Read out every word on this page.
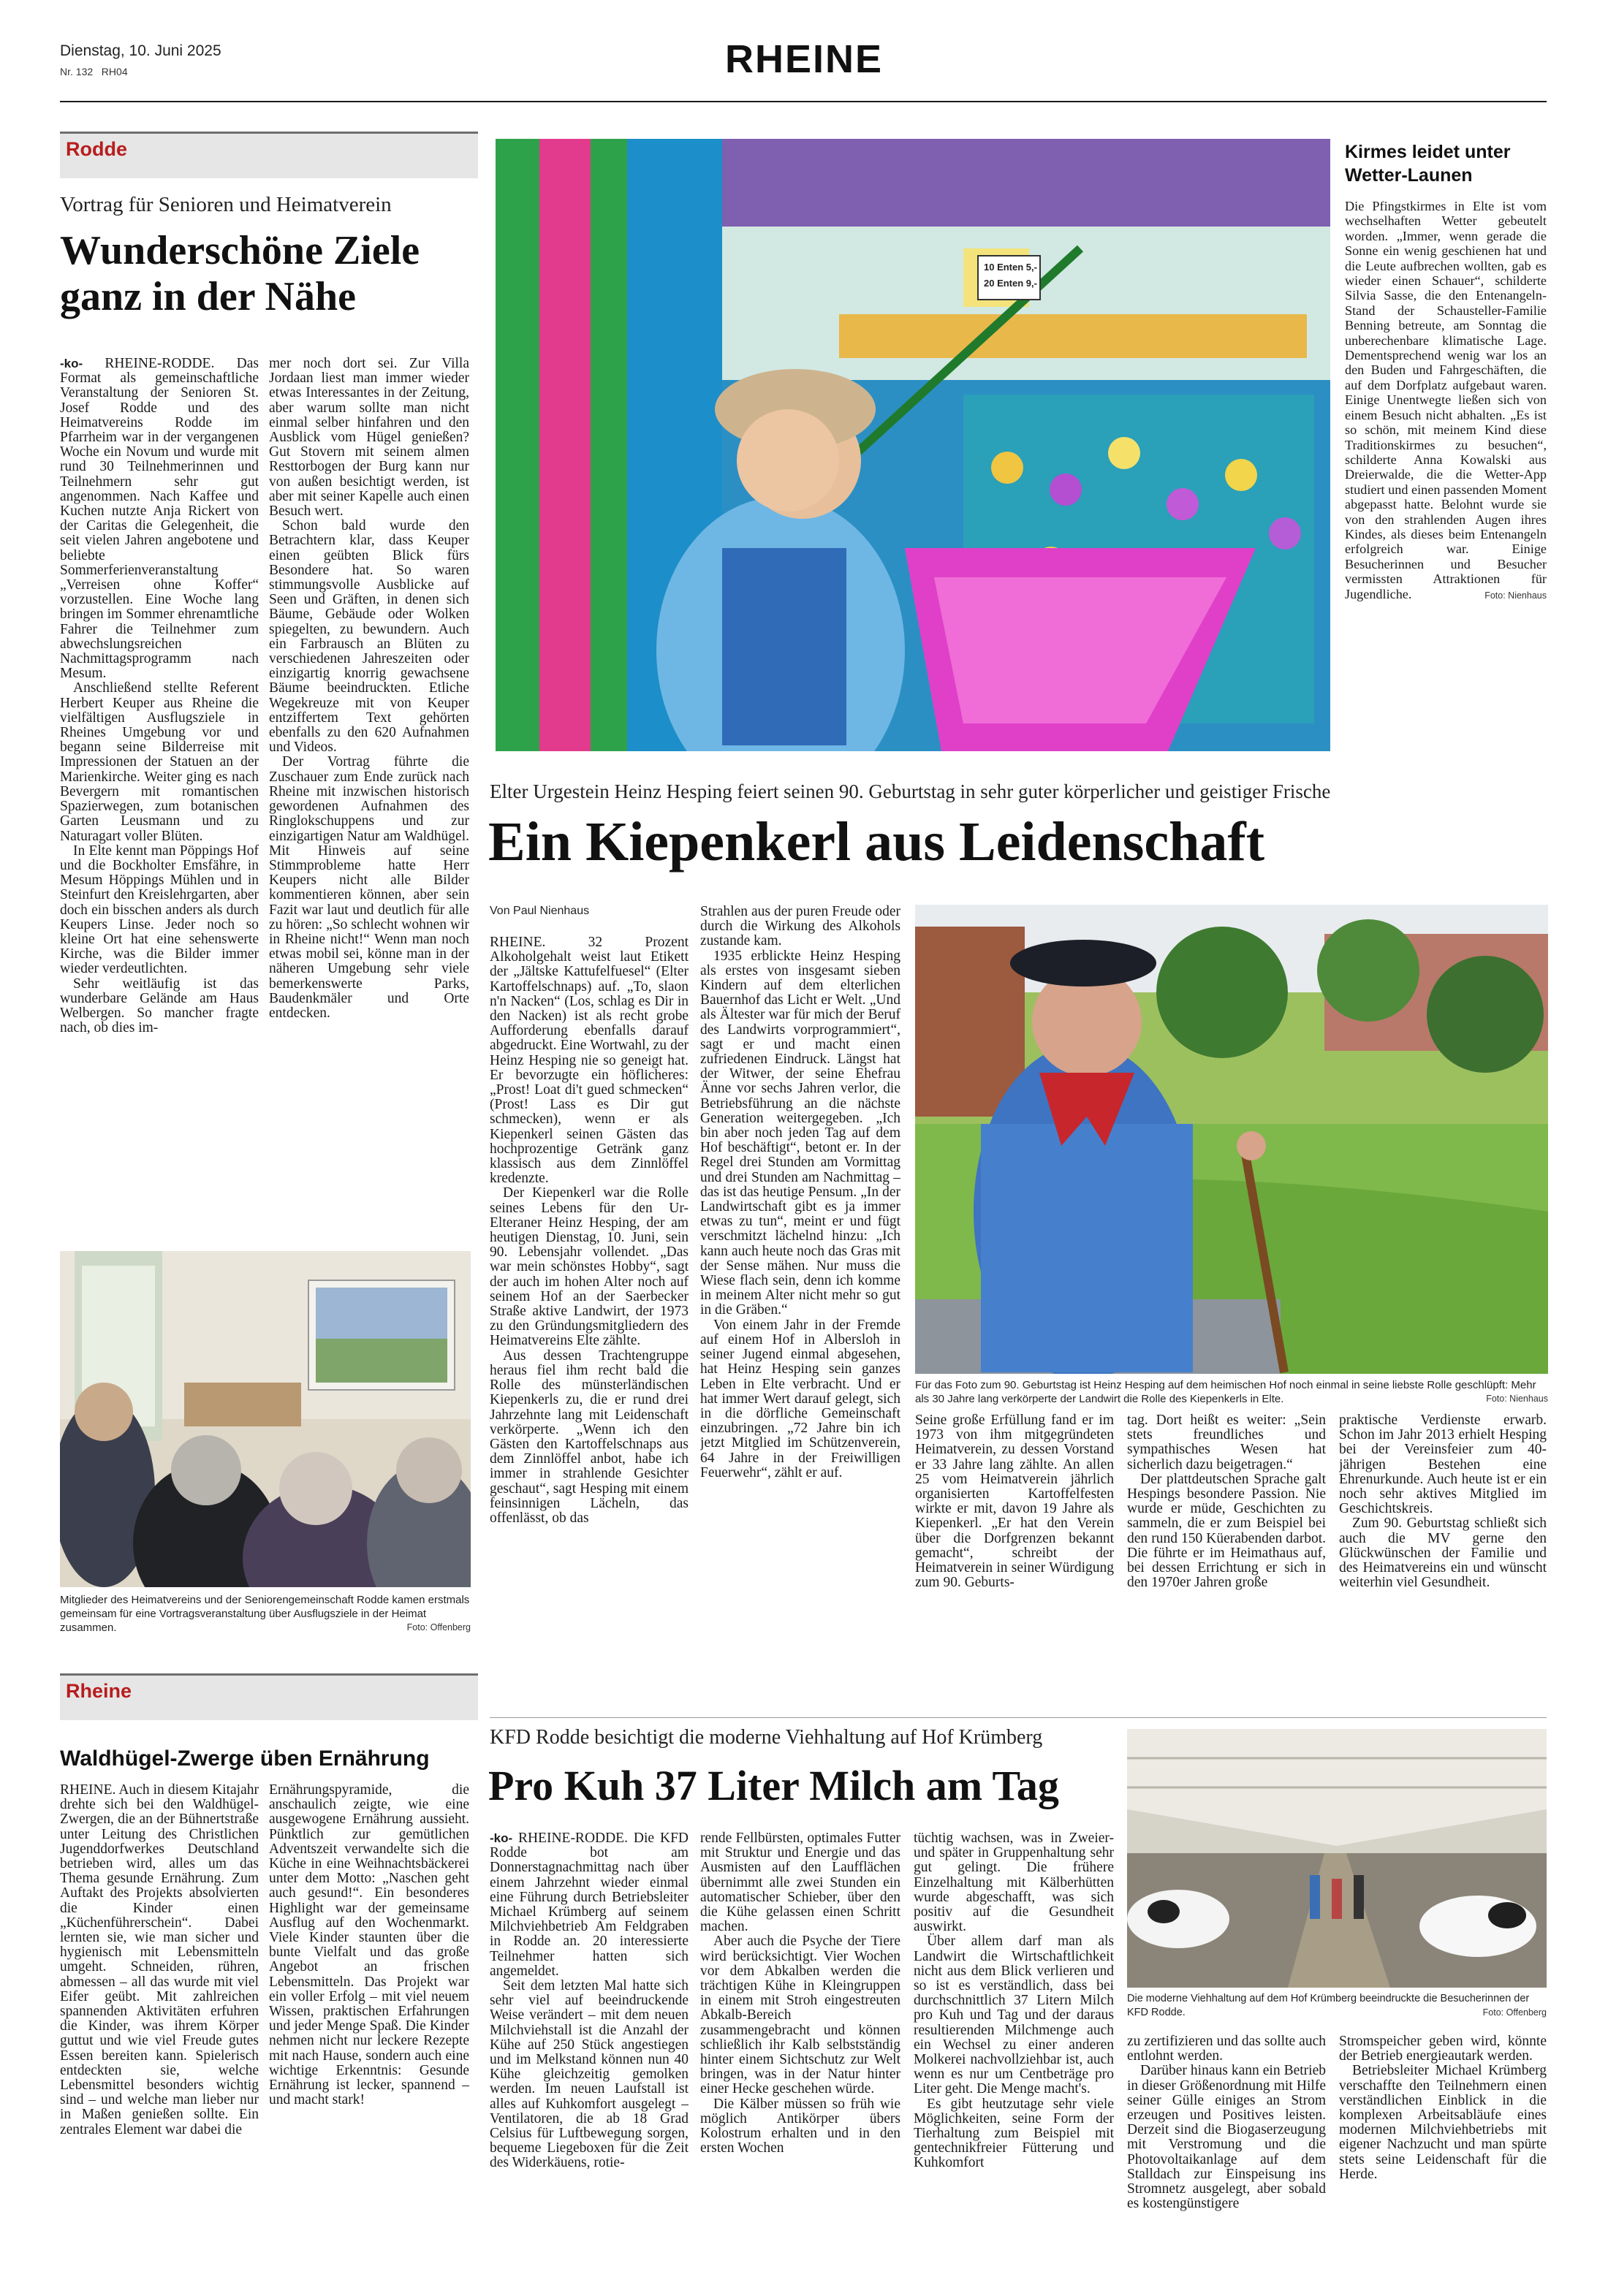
Dienstag, 10. Juni 2025
Nr. 132   RH04	RHEINE
Rodde
Vortrag für Senioren und Heimatverein
Wunderschöne Ziele ganz in der Nähe

-ko- RHEINE-RODDE. Das Format als gemeinschaftliche Veranstaltung der Senioren St. Josef Rodde und des Heimatvereins Rodde im Pfarrheim war in der vergangenen Woche ein Novum und wurde mit rund 30 Teilnehmerinnen und Teilnehmern sehr gut angenommen. Nach Kaffee und Kuchen nutzte Anja Rickert von der Caritas die Gelegenheit, die seit vielen Jahren angebotene und beliebte Sommerferienveranstaltung „Verreisen ohne Koffer“ vorzustellen. Eine Woche lang bringen im Sommer ehrenamtliche Fahrer die Teilnehmer zum abwechslungsreichen Nachmittagsprogramm nach Mesum.

Anschließend stellte Referent Herbert Keuper aus Rheine die vielfältigen Ausflugsziele in Rheines Umgebung vor und begann seine Bilderreise mit Impressionen der Statuen an der Marienkirche. Weiter ging es nach Bevergern mit romantischen Spazierwegen, zum botanischen Garten Leusmann und zu Naturagart voller Blüten.

In Elte kennt man Pöppings Hof und die Bockholter Emsfähre, in Mesum Höppings Mühlen und in Steinfurt den Kreislehrgarten, aber doch ein bisschen anders als durch Keupers Linse. Jeder noch so kleine Ort hat eine sehenswerte Kirche, was die Bilder immer wieder verdeutlichten.

Sehr weitläufig ist das wunderbare Gelände am Haus Welbergen. So mancher fragte nach, ob dies im-

mer noch dort sei. Zur Villa Jordaan liest man immer wieder etwas Interessantes in der Zeitung, aber warum sollte man nicht einmal selber hinfahren und den Ausblick vom Hügel genießen? Gut Stovern mit seinem almen Resttorbogen der Burg kann nur von außen besichtigt werden, ist aber mit seiner Kapelle auch einen Besuch wert.

Schon bald wurde den Betrachtern klar, dass Keuper einen geübten Blick fürs Besondere hat. So waren stimmungsvolle Ausblicke auf Seen und Gräften, in denen sich Bäume, Gebäude oder Wolken spiegelten, zu bewundern. Auch ein Farbrausch an Blüten zu verschiedenen Jahreszeiten oder einzigartig knorrig gewachsene Bäume beeindruckten. Etliche Wegekreuze mit von Keuper entziffertem Text gehörten ebenfalls zu den 620 Aufnahmen und Videos.

Der Vortrag führte die Zuschauer zum Ende zurück nach Rheine mit inzwischen historisch gewordenen Aufnahmen des Ringlokschuppens und zur einzigartigen Natur am Waldhügel. Mit Hinweis auf seine Stimmprobleme hatte Herr Keupers nicht alle Bilder kommentieren können, aber sein Fazit war laut und deutlich für alle zu hören: „So schlecht wohnen wir in Rheine nicht!“ Wenn man noch etwas mobil sei, könne man in der näheren Umgebung sehr viele bemerkenswerte Parks, Baudenkmäler und Orte entdecken.

Mitglieder des Heimatvereins und der Seniorengemeinschaft Rodde kamen erstmals gemeinsam für eine Vortragsveranstaltung über Ausflugsziele in der Heimat zusammen.	Foto: Offenberg
10 Enten 5,-
20 Enten 9,-
Kirmes leidet unter Wetter-Launen

Die Pfingstkirmes in Elte ist vom wechselhaften Wetter gebeutelt worden. „Immer, wenn gerade die Sonne ein wenig geschienen hat und die Leute aufbrechen wollten, gab es wieder einen Schauer“, schilderte Silvia Sasse, die den Entenangeln-Stand der Schausteller-Familie Benning betreute, am Sonntag die unberechenbare klimatische Lage. Dementsprechend wenig war los an den Buden und Fahrgeschäften, die auf dem Dorfplatz aufgebaut waren. Einige Unentwegte ließen sich von einem Besuch nicht abhalten. „Es ist so schön, mit meinem Kind diese Traditionskirmes zu besuchen“, schilderte Anna Kowalski aus Dreierwalde, die die Wetter-App studiert und einen passenden Moment abgepasst hatte. Belohnt wurde sie von den strahlenden Augen ihres Kindes, als dieses beim Entenangeln erfolgreich war. Einige Besucherinnen und Besucher vermissten Attraktionen für Jugendliche.	Foto: Nienhaus
Elter Urgestein Heinz Hesping feiert seinen 90. Geburtstag in sehr guter körperlicher und geistiger Frische
Ein Kiepenkerl aus Leidenschaft
Von Paul Nienhaus

RHEINE. 32 Prozent Alkoholgehalt weist laut Etikett der „Jältske Kattufelfuesel“ (Elter Kartoffelschnaps) auf. „To, slaon n'n Nacken“ (Los, schlag es Dir in den Nacken) ist als recht grobe Aufforderung ebenfalls darauf abgedruckt. Eine Wortwahl, zu der Heinz Hesping nie so geneigt hat. Er bevorzugte ein höflicheres: „Prost! Loat di't gued schmecken“ (Prost! Lass es Dir gut schmecken), wenn er als Kiepenkerl seinen Gästen das hochprozentige Getränk ganz klassisch aus dem Zinnlöffel kredenzte.

Der Kiepenkerl war die Rolle seines Lebens für den Ur-Elteraner Heinz Hesping, der am heutigen Dienstag, 10. Juni, sein 90. Lebensjahr vollendet. „Das war mein schönstes Hobby“, sagt der auch im hohen Alter noch auf seinem Hof an der Saerbecker Straße aktive Landwirt, der 1973 zu den Gründungsmitgliedern des Heimatvereins Elte zählte.

Aus dessen Trachtengruppe heraus fiel ihm recht bald die Rolle des münsterländischen Kiepenkerls zu, die er rund drei Jahrzehnte lang mit Leidenschaft verkörperte. „Wenn ich den Gästen den Kartoffelschnaps aus dem Zinnlöffel anbot, habe ich immer in strahlende Gesichter geschaut“, sagt Hesping mit einem feinsinnigen Lächeln, das offenlässt, ob das

Strahlen aus der puren Freude oder durch die Wirkung des Alkohols zustande kam.

1935 erblickte Heinz Hesping als erstes von insgesamt sieben Kindern auf dem elterlichen Bauernhof das Licht er Welt. „Und als Ältester war für mich der Beruf des Landwirts vorprogrammiert“, sagt er und macht einen zufriedenen Eindruck. Längst hat der Witwer, der seine Ehefrau Änne vor sechs Jahren verlor, die Betriebsführung an die nächste Generation weitergegeben. „Ich bin aber noch jeden Tag auf dem Hof beschäftigt“, betont er. In der Regel drei Stunden am Vormittag und drei Stunden am Nachmittag – das ist das heutige Pensum. „In der Landwirtschaft gibt es ja immer etwas zu tun“, meint er und fügt verschmitzt lächelnd hinzu: „Ich kann auch heute noch das Gras mit der Sense mähen. Nur muss die Wiese flach sein, denn ich komme in meinem Alter nicht mehr so gut in die Gräben.“

Von einem Jahr in der Fremde auf einem Hof in Albersloh in seiner Jugend einmal abgesehen, hat Heinz Hesping sein ganzes Leben in Elte verbracht. Und er hat immer Wert darauf gelegt, sich in die dörfliche Gemeinschaft einzubringen. „72 Jahre bin ich jetzt Mitglied im Schützenverein, 64 Jahre in der Freiwilligen Feuerwehr“, zählt er auf.

Für das Foto zum 90. Geburtstag ist Heinz Hesping auf dem heimischen Hof noch einmal in seine liebste Rolle geschlüpft: Mehr als 30 Jahre lang verkörperte der Landwirt die Rolle des Kiepenkerls in Elte.	Foto: Nienhaus

Seine große Erfüllung fand er im 1973 von ihm mitgegründeten Heimatverein, zu dessen Vorstand er 33 Jahre lang zählte. An allen 25 vom Heimatverein jährlich organisierten Kartoffelfesten wirkte er mit, davon 19 Jahre als Kiepenkerl. „Er hat den Verein über die Dorfgrenzen bekannt gemacht“, schreibt der Heimatverein in seiner Würdigung zum 90. Geburts-

tag. Dort heißt es weiter: „Sein stets freundliches und sympathisches Wesen hat sicherlich dazu beigetragen.“

Der plattdeutschen Sprache galt Hespings besondere Passion. Nie wurde er müde, Geschichten zu sammeln, die er zum Beispiel bei den rund 150 Küerabenden darbot. Die führte er im Heimathaus auf, bei dessen Errichtung er sich in den 1970er Jahren große

praktische Verdienste erwarb. Schon im Jahr 2013 erhielt Hesping bei der Vereinsfeier zum 40-jährigen Bestehen eine Ehrenurkunde. Auch heute ist er ein noch sehr aktives Mitglied im Geschichtskreis.

Zum 90. Geburtstag schließt sich auch die MV gerne den Glückwünschen der Familie und des Heimatvereins ein und wünscht weiterhin viel Gesundheit.

Rheine
Waldhügel-Zwerge üben Ernährung

RHEINE. Auch in diesem Kitajahr drehte sich bei den Waldhügel-Zwergen, die an der Bühnertstraße unter Leitung des Christlichen Jugenddorfwerkes Deutschland betrieben wird, alles um das Thema gesunde Ernährung. Zum Auftakt des Projekts absolvierten die Kinder einen „Küchenführerschein“. Dabei lernten sie, wie man sicher und hygienisch mit Lebensmitteln umgeht. Schneiden, rühren, abmessen – all das wurde mit viel Eifer geübt. Mit zahlreichen spannenden Aktivitäten erfuhren die Kinder, was ihrem Körper guttut und wie viel Freude gutes Essen bereiten kann. Spielerisch entdeckten sie, welche Lebensmittel besonders wichtig sind – und welche man lieber nur in Maßen genießen sollte. Ein zentrales Element war dabei die

Ernährungspyramide, die anschaulich zeigte, wie eine ausgewogene Ernährung aussieht. Pünktlich zur gemütlichen Adventszeit verwandelte sich die Küche in eine Weihnachtsbäckerei unter dem Motto: „Naschen geht auch gesund!“. Ein besonderes Highlight war der gemeinsame Ausflug auf den Wochenmarkt. Viele Kinder staunten über die bunte Vielfalt und das große Angebot an frischen Lebensmitteln. Das Projekt war ein voller Erfolg – mit viel neuem Wissen, praktischen Erfahrungen und jeder Menge Spaß. Die Kinder nehmen nicht nur leckere Rezepte mit nach Hause, sondern auch eine wichtige Erkenntnis: Gesunde Ernährung ist lecker, spannend – und macht stark!

KFD Rodde besichtigt die moderne Viehhaltung auf Hof Krümberg
Pro Kuh 37 Liter Milch am Tag

-ko- RHEINE-RODDE. Die KFD Rodde bot am Donnerstagnachmittag nach über einem Jahrzehnt wieder einmal eine Führung durch Betriebsleiter Michael Krümberg auf seinem Milchviehbetrieb Am Feldgraben in Rodde an. 20 interessierte Teilnehmer hatten sich angemeldet.

Seit dem letzten Mal hatte sich sehr viel auf beeindruckende Weise verändert – mit dem neuen Milchviehstall ist die Anzahl der Kühe auf 250 Stück angestiegen und im Melkstand können nun 40 Kühe gleichzeitig gemolken werden. Im neuen Laufstall ist alles auf Kuhkomfort ausgelegt – Ventilatoren, die ab 18 Grad Celsius für Luftbewegung sorgen, bequeme Liegeboxen für die Zeit des Widerkäuens, rotie-

rende Fellbürsten, optimales Futter mit Struktur und Energie und das Ausmisten auf den Laufflächen übernimmt alle zwei Stunden ein automatischer Schieber, über den die Kühe gelassen einen Schritt machen.

Aber auch die Psyche der Tiere wird berücksichtigt. Vier Wochen vor dem Abkalben werden die trächtigen Kühe in Kleingruppen in einem mit Stroh eingestreuten Abkalb-Bereich zusammengebracht und können schließlich ihr Kalb selbstständig hinter einem Sichtschutz zur Welt bringen, was in der Natur hinter einer Hecke geschehen würde.

Die Kälber müssen so früh wie möglich Antikörper übers Kolostrum erhalten und in den ersten Wochen

tüchtig wachsen, was in Zweier- und später in Gruppenhaltung sehr gut gelingt. Die frühere Einzelhaltung mit Kälberhütten wurde abgeschafft, was sich positiv auf die Gesundheit auswirkt.

Über allem darf man als Landwirt die Wirtschaftlichkeit nicht aus dem Blick verlieren und so ist es verständlich, dass bei durchschnittlich 37 Litern Milch pro Kuh und Tag und der daraus resultierenden Milchmenge auch ein Wechsel zu einer anderen Molkerei nachvollziehbar ist, auch wenn es nur um Centbeträge pro Liter geht. Die Menge macht's.

Es gibt heutzutage sehr viele Möglichkeiten, seine Form der Tierhaltung zum Beispiel mit gentechnikfreier Fütterung und Kuhkomfort

Die moderne Viehhaltung auf dem Hof Krümberg beeindruckte die Besucherinnen der KFD Rodde.	Foto: Offenberg

zu zertifizieren und das sollte auch entlohnt werden.

Darüber hinaus kann ein Betrieb in dieser Größenordnung mit Hilfe seiner Gülle einiges an Strom erzeugen und Positives leisten. Derzeit sind die Biogaserzeugung mit Verstromung und die Photovoltaikanlage auf dem Stalldach zur Einspeisung ins Stromnetz ausgelegt, aber sobald es kostengünstigere

Stromspeicher geben wird, könnte der Betrieb energieautark werden.

Betriebsleiter Michael Krümberg verschaffte den Teilnehmern einen verständlichen Einblick in die komplexen Arbeitsabläufe eines modernen Milchviehbetriebs mit eigener Nachzucht und man spürte stets seine Leidenschaft für die Herde.
